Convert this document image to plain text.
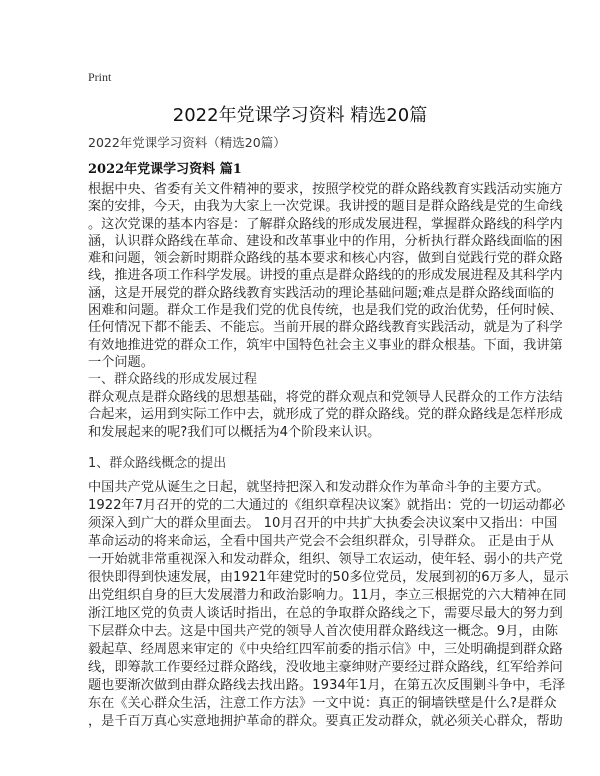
Print
2022年党课学习资料 精选20篇
2022年党课学习资料（精选20篇）
2022年党课学习资料 篇1
根据中央、省委有关文件精神的要求，按照学校党的群众路线教育实践活动实施方
案的安排，今天，由我为大家上一次党课。我讲授的题目是群众路线是党的生命线
。这次党课的基本内容是：了解群众路线的形成发展进程，掌握群众路线的科学内
涵，认识群众路线在革命、建设和改革事业中的作用，分析执行群众路线面临的困
难和问题，领会新时期群众路线的基本要求和核心内容，做到自觉践行党的群众路
线，推进各项工作科学发展。讲授的重点是群众路线的的形成发展进程及其科学内
涵，这是开展党的群众路线教育实践活动的理论基础问题;难点是群众路线面临的
困难和问题。群众工作是我们党的优良传统，也是我们党的政治优势，任何时候、
任何情况下都不能丢、不能忘。当前开展的群众路线教育实践活动，就是为了科学
有效地推进党的群众工作，筑牢中国特色社会主义事业的群众根基。下面，我讲第
一个问题。
一、群众路线的形成发展过程
群众观点是群众路线的思想基础，将党的群众观点和党领导人民群众的工作方法结
合起来，运用到实际工作中去，就形成了党的群众路线。党的群众路线是怎样形成
和发展起来的呢?我们可以概括为4个阶段来认识。
1、群众路线概念的提出
中国共产党从诞生之日起，就坚持把深入和发动群众作为革命斗争的主要方式。
1922年7月召开的党的二大通过的《组织章程决议案》就指出：党的一切运动都必
须深入到广大的群众里面去。 10月召开的中共扩大执委会决议案中又指出：中国
革命运动的将来命运，全看中国共产党会不会组织群众，引导群众。 正是由于从
一开始就非常重视深入和发动群众，组织、领导工农运动，使年轻、弱小的共产党
很快即得到快速发展，由1921年建党时的50多位党员，发展到初的6万多人，显示
出党组织自身的巨大发展潜力和政治影响力。11月，李立三根据党的六大精神在同
浙江地区党的负责人谈话时指出，在总的争取群众路线之下，需要尽最大的努力到
下层群众中去。这是中国共产党的领导人首次使用群众路线这一概念。9月，由陈
毅起草、经周恩来审定的《中央给红四军前委的指示信》中，三处明确提到群众路
线，即筹款工作要经过群众路线，没收地主豪绅财产要经过群众路线，红军给养问
题也要渐次做到由群众路线去找出路。1934年1月，在第五次反围剿斗争中，毛泽
东在《关心群众生活，注意工作方法》一文中说：真正的铜墙铁壁是什么?是群众
，是千百万真心实意地拥护革命的群众。要真正发动群众，就必须关心群众，帮助
